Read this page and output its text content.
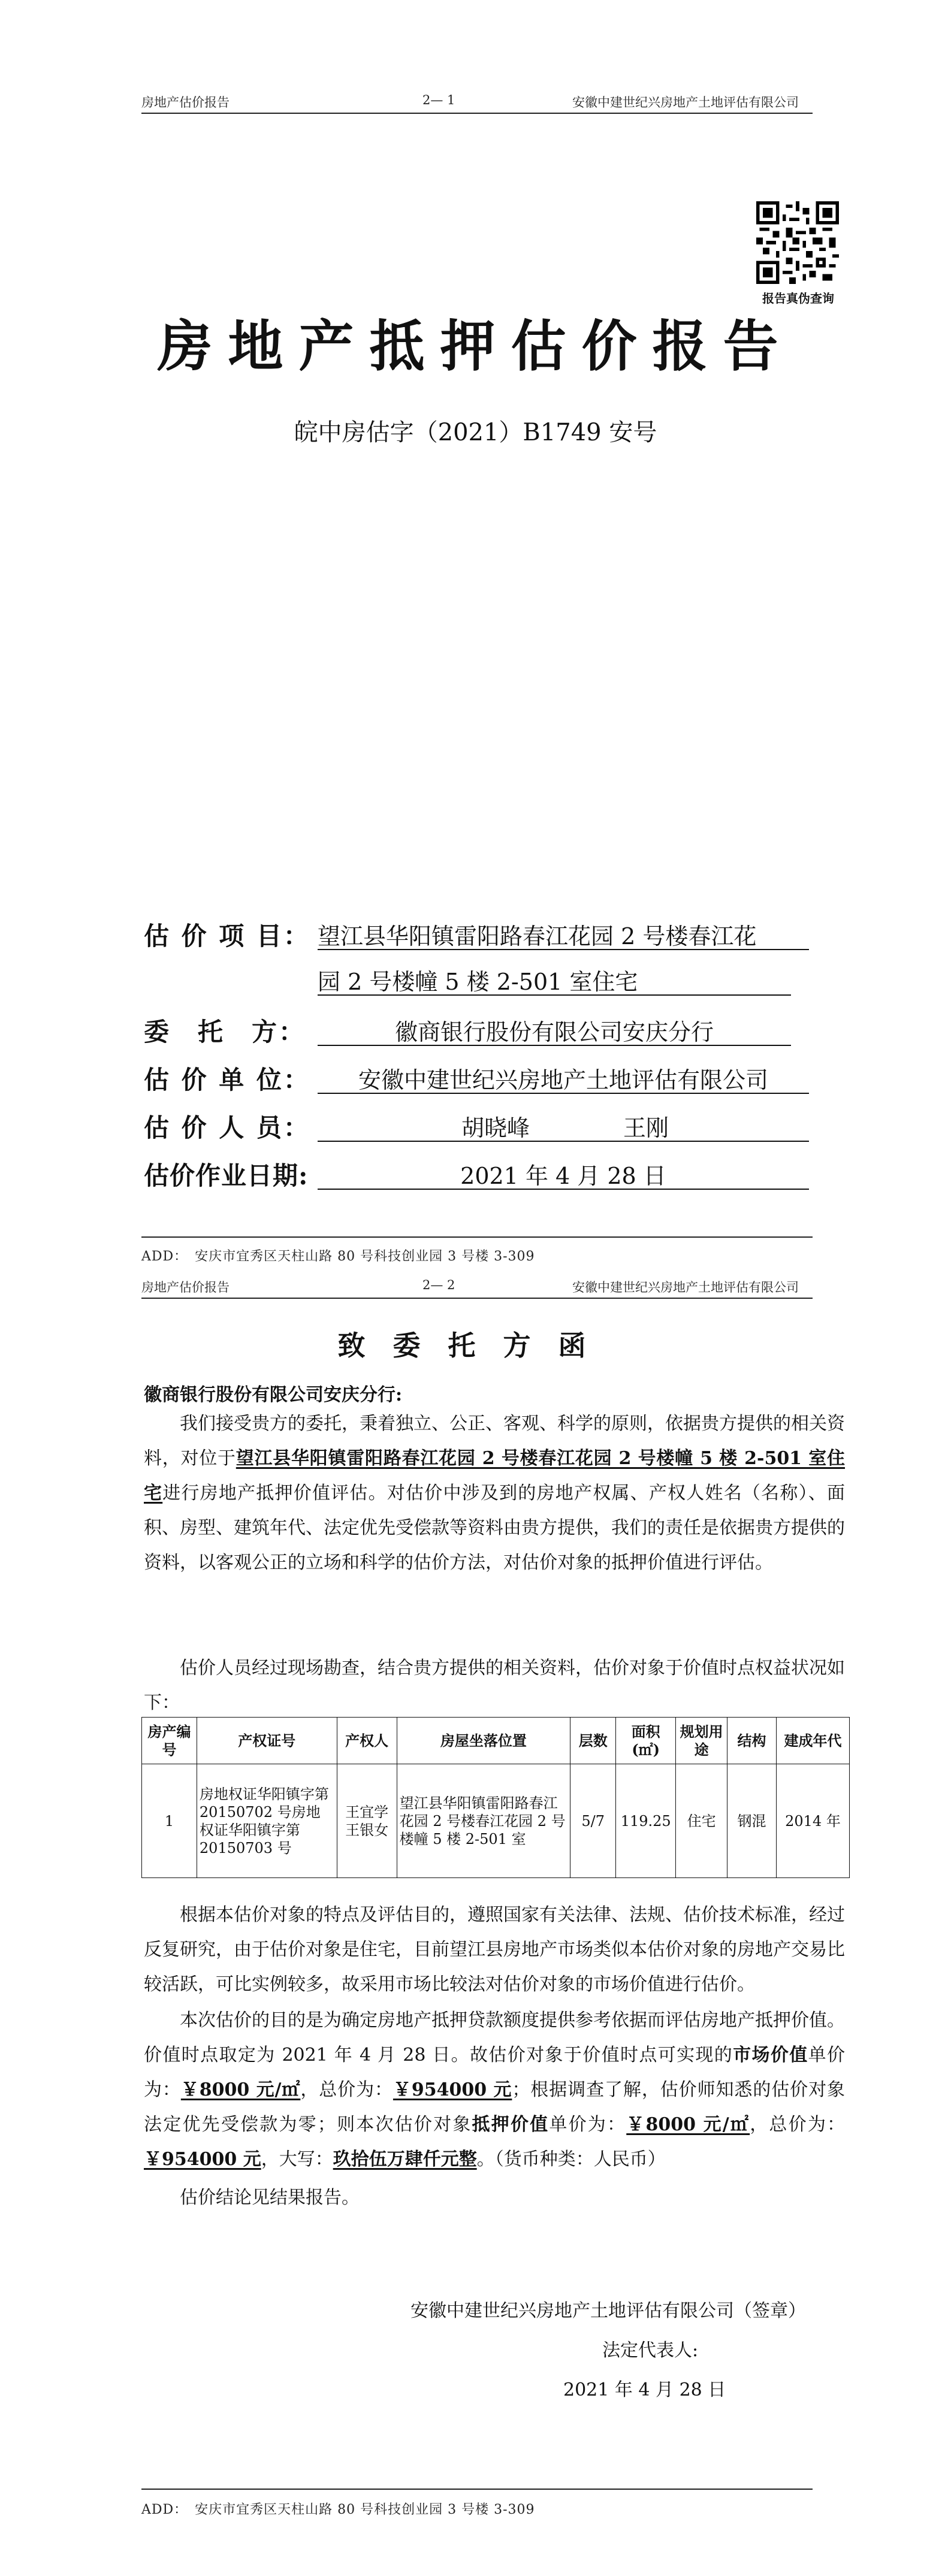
房地产估价报告	2— 1	安徽中建世纪兴房地产土地评估有限公司
报告真伪查询
房地产抵押估价报告
皖中房估字（2021）B1749 安号
估 价 项 目： 望江县华阳镇雷阳路春江花园 2 号楼春江花
园 2 号楼幢 5 楼 2-501 室住宅
委　托　方：	徽商银行股份有限公司安庆分行
估 价 单 位：	安徽中建世纪兴房地产土地评估有限公司
估 价 人 员：	胡晓峰	王刚
估价作业日期:	2021 年 4 月 28 日
ADD：　安庆市宜秀区天柱山路 80 号科技创业园 3 号楼 3-309
房地产估价报告	2— 2	安徽中建世纪兴房地产土地评估有限公司
致委托方函
徽商银行股份有限公司安庆分行:
我们接受贵方的委托，秉着独立、公正、客观、科学的原则，依据贵方提供的相关资料，对位于望江县华阳镇雷阳路春江花园 2 号楼春江花园 2 号楼幢 5 楼 2-501 室住宅进行房地产抵押价值评估。对估价中涉及到的房地产权属、产权人姓名（名称）、面积、房型、建筑年代、法定优先受偿款等资料由贵方提供，我们的责任是依据贵方提供的资料，以客观公正的立场和科学的估价方法，对估价对象的抵押价值进行评估。
估价人员经过现场勘查，结合贵方提供的相关资料，估价对象于价值时点权益状况如下：
房产编号	产权证号	产权人	房屋坐落位置	层数	面积(㎡)	规划用途	结构	建成年代
1	房地权证华阳镇字第 20150702 号房地权证华阳镇字第 20150703 号	王宜学王银女	望江县华阳镇雷阳路春江花园 2 号楼春江花园 2 号楼幢 5 楼 2-501 室	5/7	119.25	住宅	钢混	2014 年
根据本估价对象的特点及评估目的，遵照国家有关法律、法规、估价技术标准，经过反复研究，由于估价对象是住宅，目前望江县房地产市场类似本估价对象的房地产交易比较活跃，可比实例较多，故采用市场比较法对估价对象的市场价值进行估价。
本次估价的目的是为确定房地产抵押贷款额度提供参考依据而评估房地产抵押价值。价值时点取定为 2021 年 4 月 28 日。故估价对象于价值时点可实现的市场价值单价为：￥8000 元/㎡，总价为：￥954000 元；根据调查了解，估价师知悉的估价对象法定优先受偿款为零；则本次估价对象抵押价值单价为：￥8000 元/㎡，总价为：￥954000 元，大写：玖拾伍万肆仟元整。（货币种类：人民币）
估价结论见结果报告。
安徽中建世纪兴房地产土地评估有限公司（签章）
法定代表人:
2021 年 4 月 28 日
ADD：　安庆市宜秀区天柱山路 80 号科技创业园 3 号楼 3-309
